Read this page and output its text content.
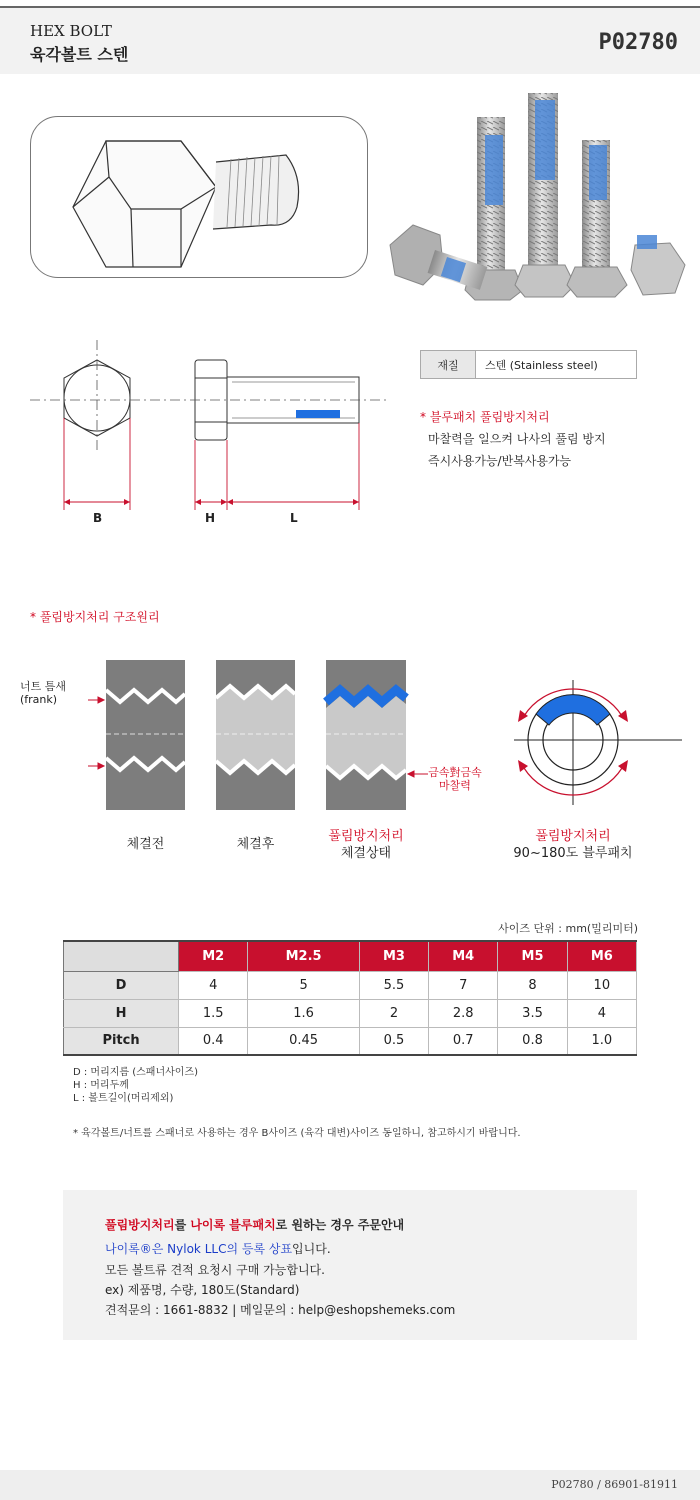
HEX BOLT
육각볼트 스텐	P02780
B	H	L
재질	스텐 (Stainless steel)
* 블루패치 풀림방지처리
마찰력을 일으켜 나사의 풀림 방지
즉시사용가능/반복사용가능
* 풀림방지처리 구조원리
너트 틈새
(frank)
금속對금속
마찰력
체결전	체결후
풀림방지처리
체결상태
풀림방지처리
90~180도 블루패치
사이즈 단위 : mm(밀리미터)
	M2	M2.5	M3	M4	M5	M6
D	4	5	5.5	7	8	10
H	1.5	1.6	2	2.8	3.5	4
Pitch	0.4	0.45	0.5	0.7	0.8	1.0
D : 머리지름 (스패너사이즈)
H : 머리두께
L : 볼트길이(머리제외)
* 육각볼트/너트를 스패너로 사용하는 경우 B사이즈 (육각 대변)사이즈 동일하니, 참고하시기 바랍니다.
풀림방지처리를 나이록 블루패치로 원하는 경우 주문안내
나이록®은 Nylok LLC의 등록 상표입니다.
모든 볼트류 견적 요청시 구매 가능합니다.
ex) 제품명, 수량, 180도(Standard)
견적문의 : 1661-8832 | 메일문의 : help@eshopshemeks.com
P02780 / 86901-81911
